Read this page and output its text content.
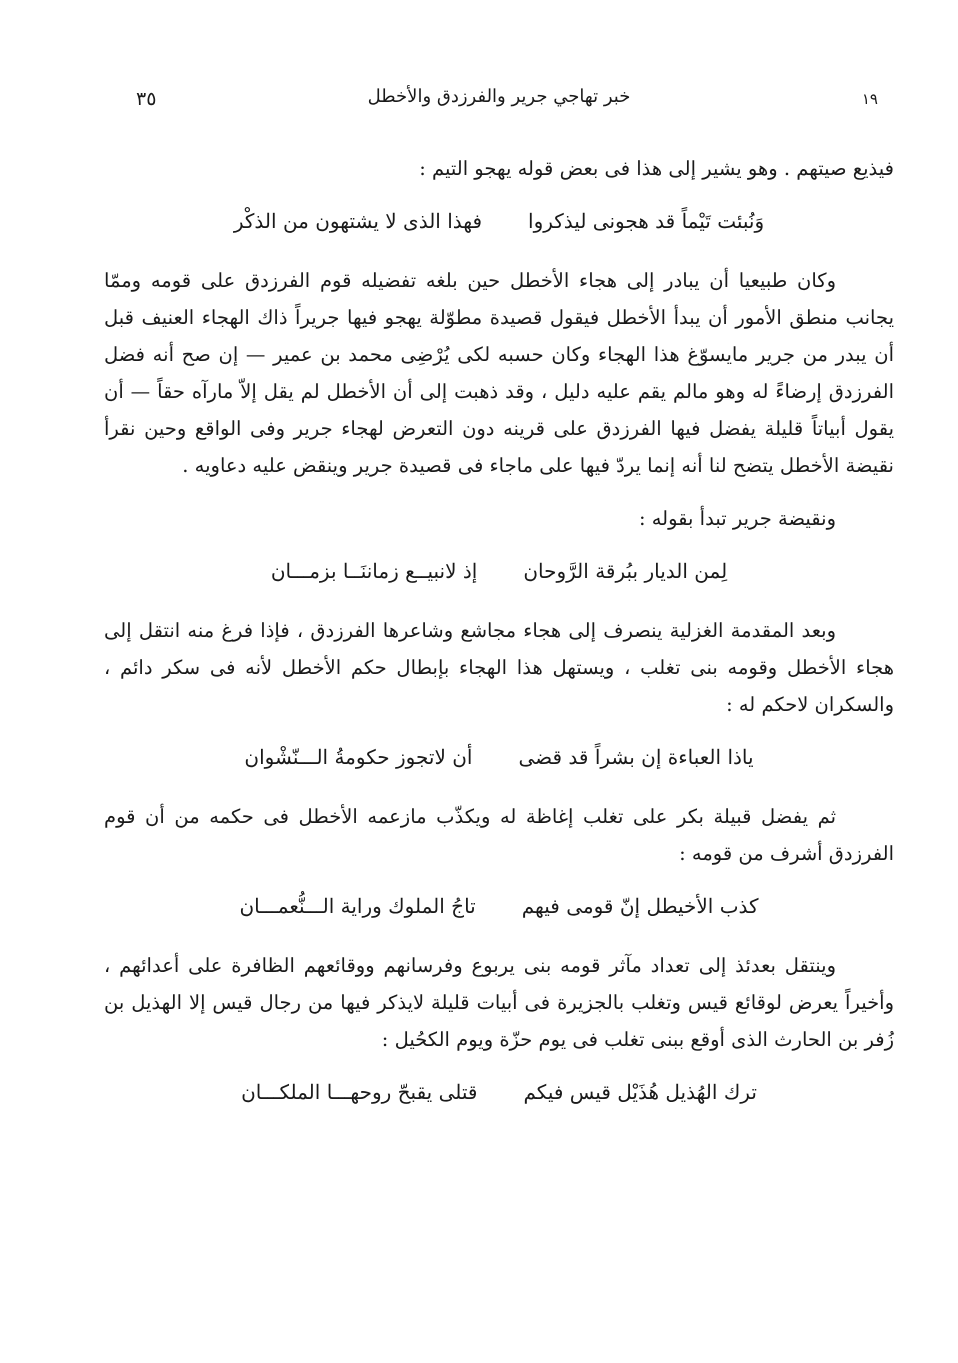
١٩
خبر تهاجي جرير والفرزدق والأخطل
٣٥

فيذيع صيتهم . وهو يشير إلى هذا فى بعض قوله يهجو التيم :

وَنُبئت تَيْماً قد هجونى ليذكروا
فهذا الذى لا يشتهون من الذكْر

وكان طبيعيا أن يبادر إلى هجاء الأخطل حين بلغه تفضيله قوم الفرزدق على قومه وممّا يجانب منطق الأمور أن يبدأ الأخطل فيقول قصيدة مطوّلة يهجو فيها جريراً ذاك الهجاء العنيف قبل أن يبدر من جرير مايسوّغ هذا الهجاء وكان حسبه لكى يُرْضِى محمد بن عمير — إن صح أنه فضل الفرزدق إرضاءً له وهو مالم يقم عليه دليل ، وقد ذهبت إلى أن الأخطل لم يقل إلاّ مارآه حقاً — أن يقول أبياتاً قليلة يفضل فيها الفرزدق على قرينه دون التعرض لهجاء جرير وفى الواقع وحين نقرأ نقيضة الأخطل يتضح لنا أنه إنما يردّ فيها على ماجاء فى قصيدة جرير وينقض عليه دعاويه .

ونقيضة جرير تبدأ بقوله :

لِمن الديار ببُرقة الرَّوحان
إذ لانبيــع زماننَــا بزمـــان

وبعد المقدمة الغزلية ينصرف إلى هجاء مجاشع وشاعرها الفرزدق ، فإذا فرغ منه انتقل إلى هجاء الأخطل وقومه بنى تغلب ، ويستهل هذا الهجاء بإبطال حكم الأخطل لأنه فى سكر دائم ، والسكران لاحكم له :

ياذا العباءة إن بشراً قد قضى
أن لاتجوز حكومةُ الـــنّشْوان

ثم يفضل قبيلة بكر على تغلب إغاظة له ويكذّب مازعمه الأخطل فى حكمه من أن قوم الفرزدق أشرف من قومه :

كذب الأخيطل إنّ قومى فيهم
تاجُ الملوك وراية الـــنُّعمـــان

وينتقل بعدئذ إلى تعداد مآثر قومه بنى يربوع وفرسانهم ووقائعهم الظافرة على أعدائهم ، وأخيراً يعرض لوقائع قيس وتغلب بالجزيرة فى أبيات قليلة لايذكر فيها من رجال قيس إلا الهذيل بن زُفر بن الحارث الذى أوقع ببنى تغلب فى يوم حزّة ويوم الكحُيل :

ترك الهُذيل هُذَيْل قيس فيكم
قتلى يقبحّ روحهـــا الملكـــان
